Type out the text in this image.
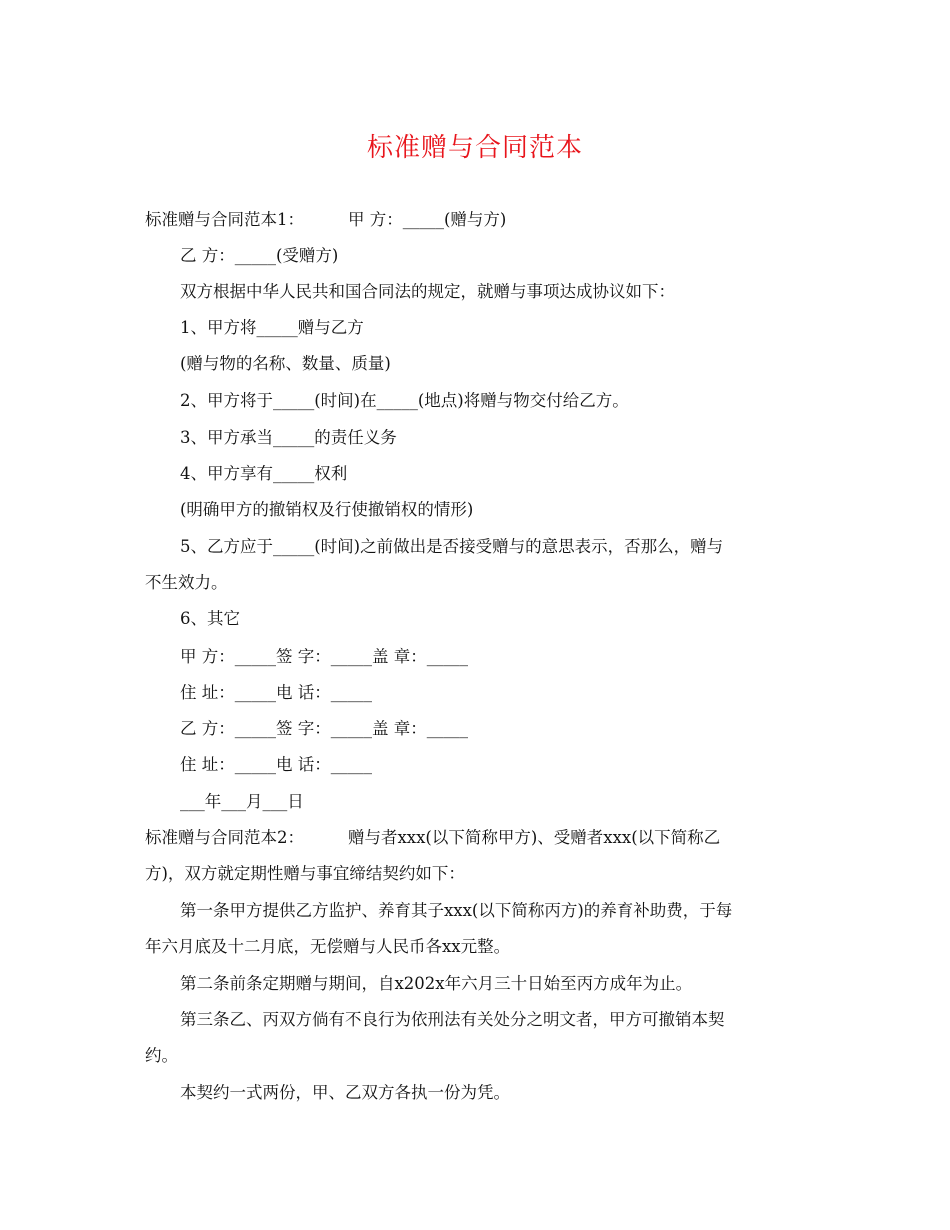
标准赠与合同范本
标准赠与合同范本1：	甲 方：_____(赠与方)
乙 方：_____(受赠方)
双方根据中华人民共和国合同法的规定，就赠与事项达成协议如下：
1、甲方将_____赠与乙方
(赠与物的名称、数量、质量)
2、甲方将于_____(时间)在_____(地点)将赠与物交付给乙方。
3、甲方承当_____的责任义务
4、甲方享有_____权利
(明确甲方的撤销权及行使撤销权的情形)
5、乙方应于_____(时间)之前做出是否接受赠与的意思表示，否那么，赠与
不生效力。
6、其它
甲 方：_____签 字：_____盖 章：_____
住 址：_____电 话：_____
乙 方：_____签 字：_____盖 章：_____
住 址：_____电 话：_____
___年___月___日
标准赠与合同范本2：	赠与者xxx(以下简称甲方)、受赠者xxx(以下简称乙
方)，双方就定期性赠与事宜缔结契约如下：
第一条甲方提供乙方监护、养育其子xxx(以下简称丙方)的养育补助费，于每
年六月底及十二月底，无偿赠与人民币各xx元整。
第二条前条定期赠与期间，自x202x年六月三十日始至丙方成年为止。
第三条乙、丙双方倘有不良行为依刑法有关处分之明文者，甲方可撤销本契
约。
本契约一式两份，甲、乙双方各执一份为凭。
